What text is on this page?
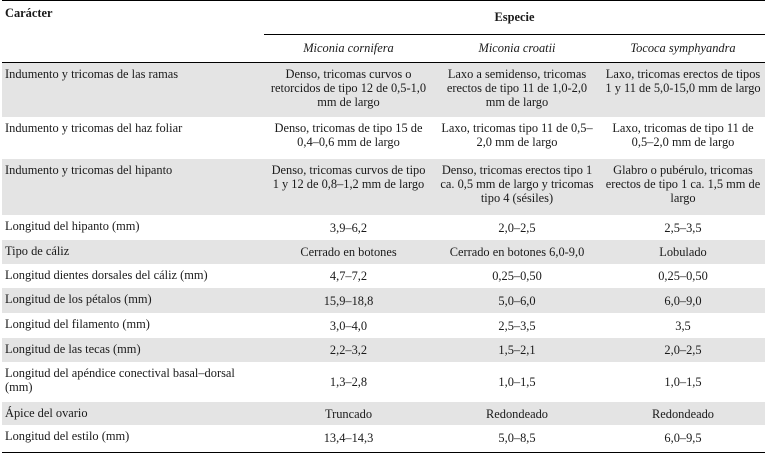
Carácter	Especie		
	Miconia cornifera	Miconia croatii	Tococa symphyandra
Indumento y tricomas de las ramas	Denso, tricomas curvos o retorcidos de tipo 12 de 0,5-1,0 mm de largo	Laxo a semidenso, tricomas erectos de tipo 11 de 1,0-2,0 mm de largo	Laxo, tricomas erectos de tipos 1 y 11 de 5,0-15,0 mm de largo
Indumento y tricomas del haz foliar	Denso, tricomas de tipo 15 de 0,4–0,6 mm de largo	Laxo, tricomas tipo 11 de 0,5–2,0 mm de largo	Laxo, tricomas de tipo 11 de 0,5–2,0 mm de largo
Indumento y tricomas del hipanto	Denso, tricomas curvos de tipo 1 y 12 de 0,8–1,2 mm de largo	Denso, tricomas erectos tipo 1 ca. 0,5 mm de largo y tricomas tipo 4 (sésiles)	Glabro o pubérulo, tricomas erectos de tipo 1 ca. 1,5 mm de largo
Longitud del hipanto (mm)	3,9–6,2	2,0–2,5	2,5–3,5
Tipo de cáliz	Cerrado en botones	Cerrado en botones 6,0-9,0	Lobulado
Longitud dientes dorsales del cáliz (mm)	4,7–7,2	0,25–0,50	0,25–0,50
Longitud de los pétalos (mm)	15,9–18,8	5,0–6,0	6,0–9,0
Longitud del filamento (mm)	3,0–4,0	2,5–3,5	3,5
Longitud de las tecas (mm)	2,2–3,2	1,5–2,1	2,0–2,5
Longitud del apéndice conectival basal–dorsal (mm)	1,3–2,8	1,0–1,5	1,0–1,5
Ápice del ovario	Truncado	Redondeado	Redondeado
Longitud del estilo (mm)	13,4–14,3	5,0–8,5	6,0–9,5
